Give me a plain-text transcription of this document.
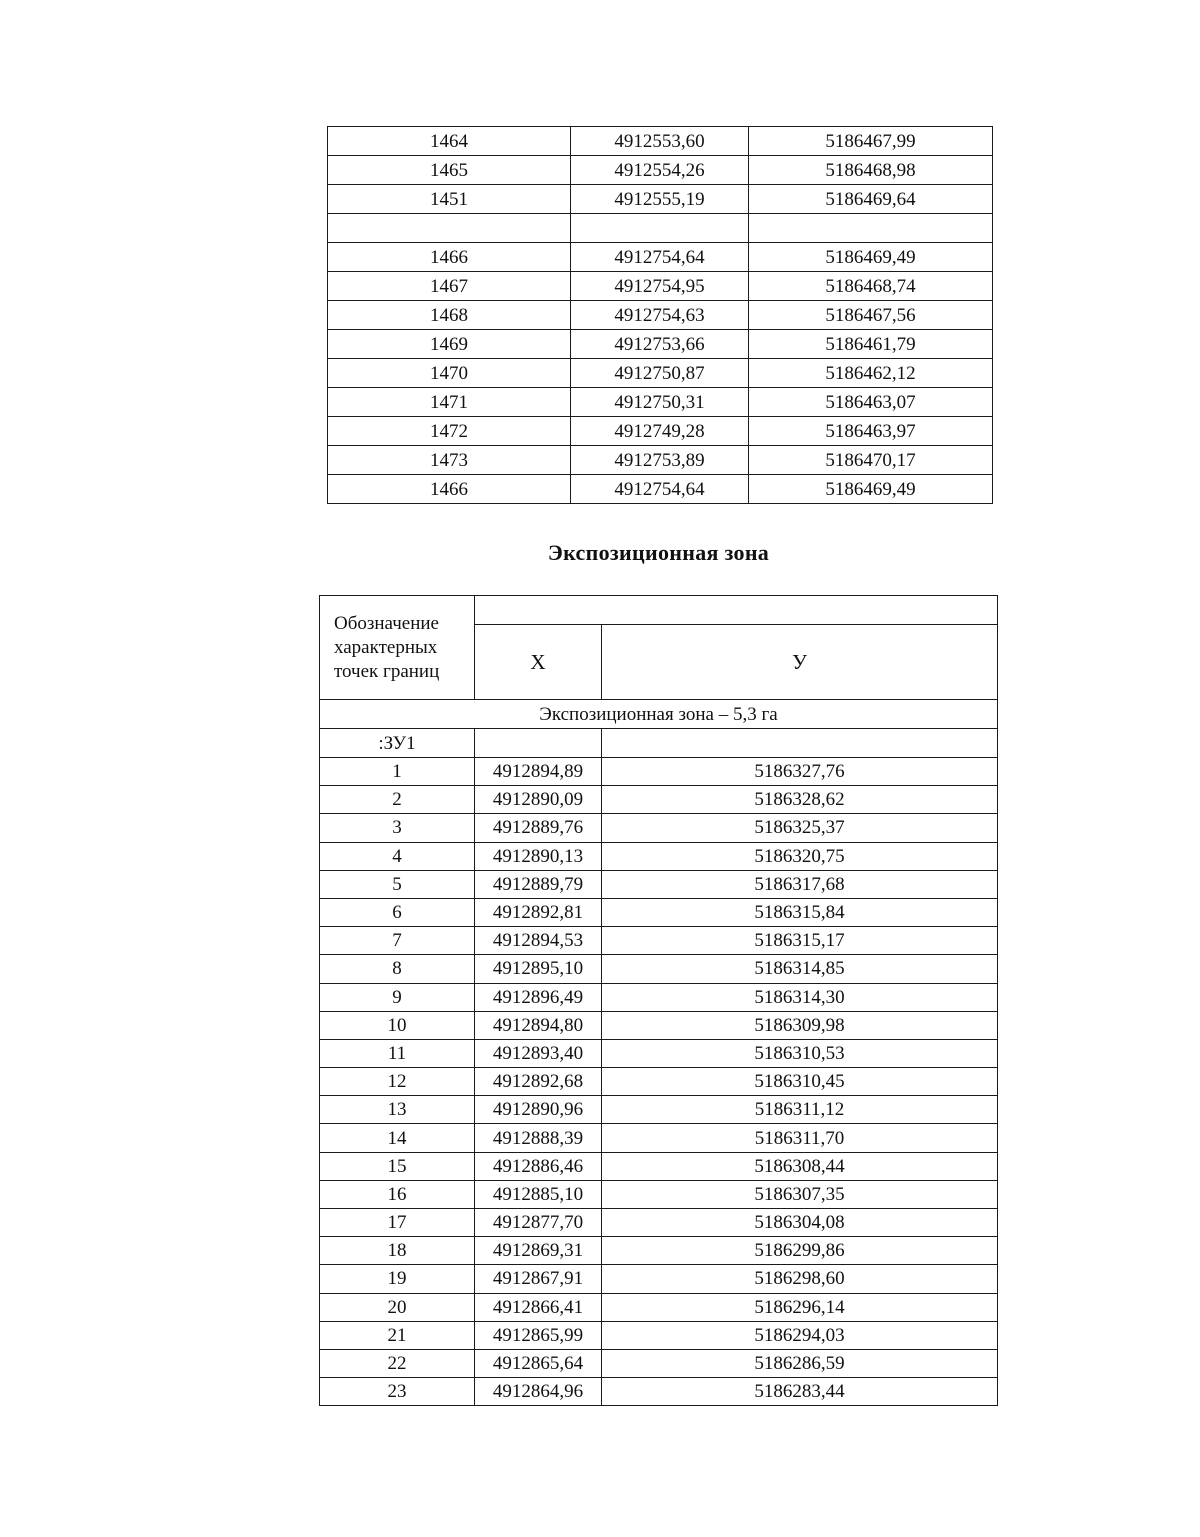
1464	4912553,60	5186467,99
1465	4912554,26	5186468,98
1451	4912555,19	5186469,64

1466	4912754,64	5186469,49
1467	4912754,95	5186468,74
1468	4912754,63	5186467,56
1469	4912753,66	5186461,79
1470	4912750,87	5186462,12
1471	4912750,31	5186463,07
1472	4912749,28	5186463,97
1473	4912753,89	5186470,17
1466	4912754,64	5186469,49
Экспозиционная зона
Обозначение характерных точек границ		
	X	У
Экспозиционная зона – 5,3 га		
:ЗУ1		
1	4912894,89	5186327,76
2	4912890,09	5186328,62
3	4912889,76	5186325,37
4	4912890,13	5186320,75
5	4912889,79	5186317,68
6	4912892,81	5186315,84
7	4912894,53	5186315,17
8	4912895,10	5186314,85
9	4912896,49	5186314,30
10	4912894,80	5186309,98
11	4912893,40	5186310,53
12	4912892,68	5186310,45
13	4912890,96	5186311,12
14	4912888,39	5186311,70
15	4912886,46	5186308,44
16	4912885,10	5186307,35
17	4912877,70	5186304,08
18	4912869,31	5186299,86
19	4912867,91	5186298,60
20	4912866,41	5186296,14
21	4912865,99	5186294,03
22	4912865,64	5186286,59
23	4912864,96	5186283,44
